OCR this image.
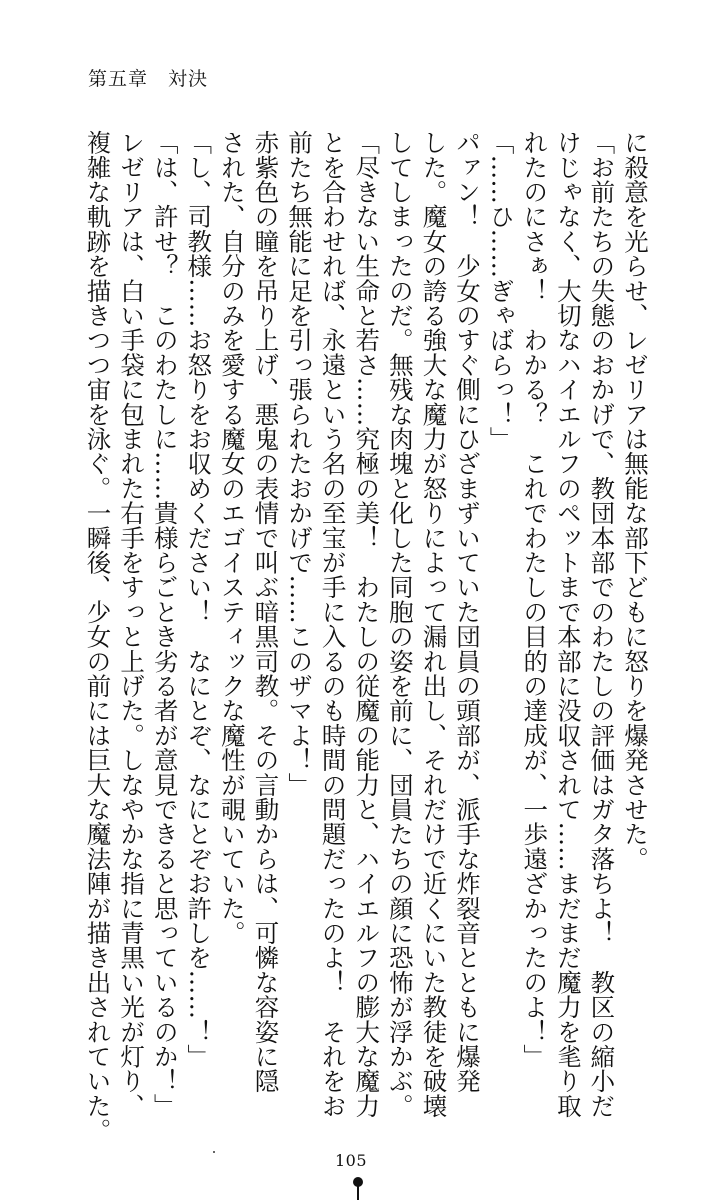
第五章　対決

に殺意を光らせ、レゼリアは無能な部下どもに怒りを爆発させた。

「お前たちの失態のおかげで、教団本部でのわたしの評価はガタ落ちよ！　教区の縮小だ

けじゃなく、大切なハイエルフのペットまで本部に没収されて……まだまだ魔力を毟り取

れたのにさぁ！　わかる？　これでわたしの目的の達成が、一歩遠ざかったのよ！」

「……ひ……ぎゃばらっ！」

パァン！　少女のすぐ側にひざまずいていた団員の頭部が、派手な炸裂音とともに爆発

した。魔女の誇る強大な魔力が怒りによって漏れ出し、それだけで近くにいた教徒を破壊

してしまったのだ。無残な肉塊と化した同胞の姿を前に、団員たちの顔に恐怖が浮かぶ。

「尽きない生命と若さ……究極の美！　わたしの従魔の能力と、ハイエルフの膨大な魔力

とを合わせれば、永遠という名の至宝が手に入るのも時間の問題だったのよ！　それをお

前たち無能に足を引っ張られたおかげで……このザマよ！」

赤紫色の瞳を吊り上げ、悪鬼の表情で叫ぶ暗黒司教。その言動からは、可憐な容姿に隠

された、自分のみを愛する魔女のエゴイスティックな魔性が覗いていた。

「し、司教様……お怒りをお収めください！　なにとぞ、なにとぞお許しを……！」

「は、許せ？　このわたしに……貴様らごとき劣る者が意見できると思っているのか！」

レゼリアは、白い手袋に包まれた右手をすっと上げた。しなやかな指に青黒い光が灯り、

複雑な軌跡を描きつつ宙を泳ぐ。一瞬後、少女の前には巨大な魔法陣が描き出されていた。

105
